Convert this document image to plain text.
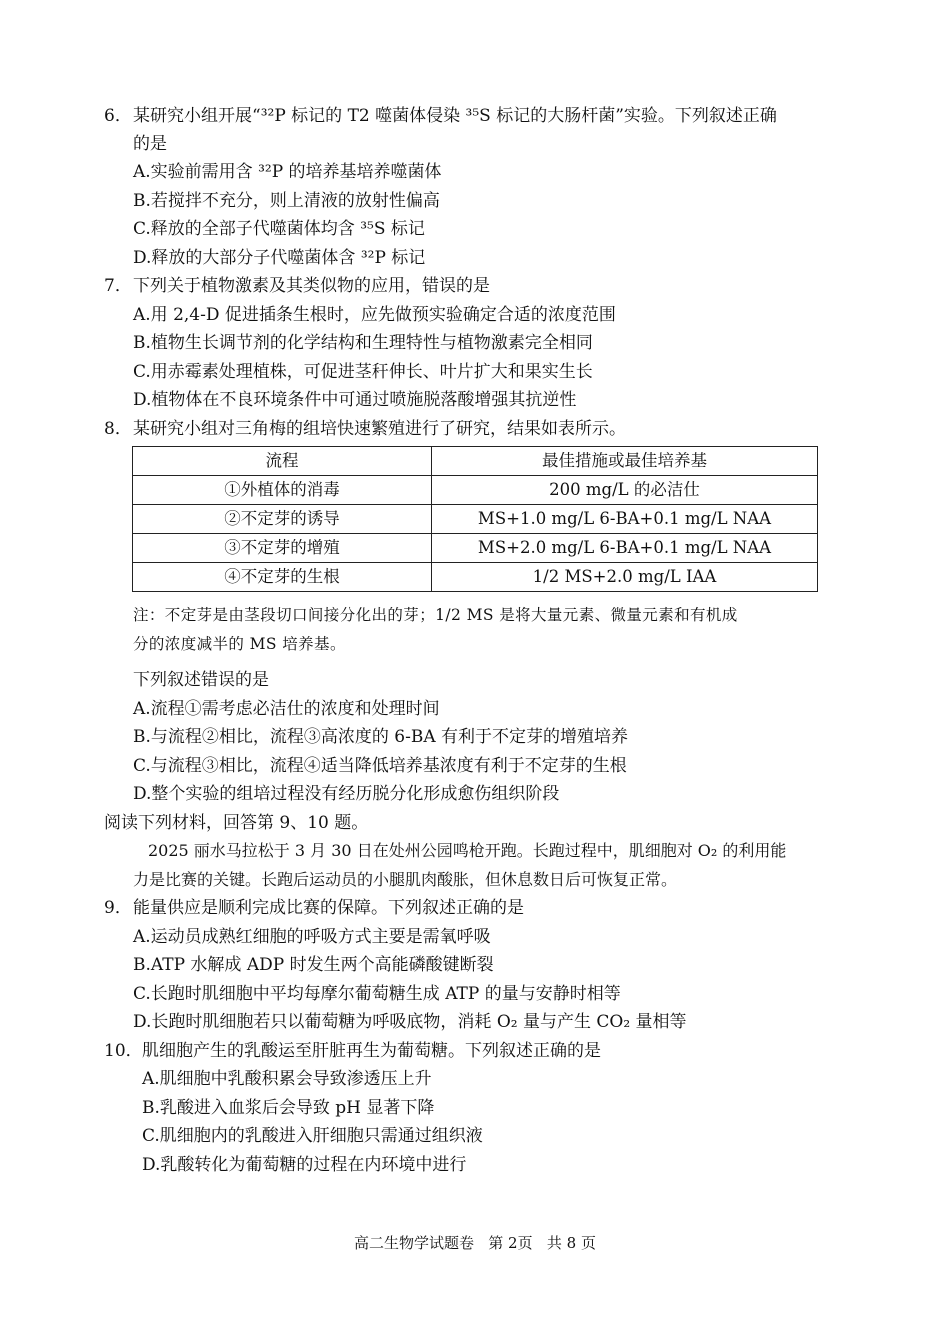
6． 某研究小组开展“³²P 标记的 T2 噬菌体侵染 ³⁵S 标记的大肠杆菌”实验。下列叙述正确
的是
A.实验前需用含 ³²P 的培养基培养噬菌体
B.若搅拌不充分，则上清液的放射性偏高
C.释放的全部子代噬菌体均含 ³⁵S 标记
D.释放的大部分子代噬菌体含 ³²P 标记
7． 下列关于植物激素及其类似物的应用，错误的是
A.用 2,4-D 促进插条生根时，应先做预实验确定合适的浓度范围
B.植物生长调节剂的化学结构和生理特性与植物激素完全相同
C.用赤霉素处理植株，可促进茎秆伸长、叶片扩大和果实生长
D.植物体在不良环境条件中可通过喷施脱落酸增强其抗逆性
8． 某研究小组对三角梅的组培快速繁殖进行了研究，结果如表所示。
流程	最佳措施或最佳培养基
①外植体的消毒	200 mg/L 的必洁仕
②不定芽的诱导	MS+1.0 mg/L 6-BA+0.1 mg/L NAA
③不定芽的增殖	MS+2.0 mg/L 6-BA+0.1 mg/L NAA
④不定芽的生根	1/2 MS+2.0 mg/L IAA
注：不定芽是由茎段切口间接分化出的芽；1/2 MS 是将大量元素、微量元素和有机成
分的浓度减半的 MS 培养基。
下列叙述错误的是
A.流程①需考虑必洁仕的浓度和处理时间
B.与流程②相比，流程③高浓度的 6-BA 有利于不定芽的增殖培养
C.与流程③相比，流程④适当降低培养基浓度有利于不定芽的生根
D.整个实验的组培过程没有经历脱分化形成愈伤组织阶段
阅读下列材料，回答第 9、10 题。
2025 丽水马拉松于 3 月 30 日在处州公园鸣枪开跑。长跑过程中，肌细胞对 O₂ 的利用能
力是比赛的关键。长跑后运动员的小腿肌肉酸胀，但休息数日后可恢复正常。
9． 能量供应是顺利完成比赛的保障。下列叙述正确的是
A.运动员成熟红细胞的呼吸方式主要是需氧呼吸
B.ATP 水解成 ADP 时发生两个高能磷酸键断裂
C.长跑时肌细胞中平均每摩尔葡萄糖生成 ATP 的量与安静时相等
D.长跑时肌细胞若只以葡萄糖为呼吸底物，消耗 O₂ 量与产生 CO₂ 量相等
10． 肌细胞产生的乳酸运至肝脏再生为葡萄糖。下列叙述正确的是
A.肌细胞中乳酸积累会导致渗透压上升
B.乳酸进入血浆后会导致 pH 显著下降
C.肌细胞内的乳酸进入肝细胞只需通过组织液
D.乳酸转化为葡萄糖的过程在内环境中进行
高二生物学试题卷   第 2页   共 8 页
